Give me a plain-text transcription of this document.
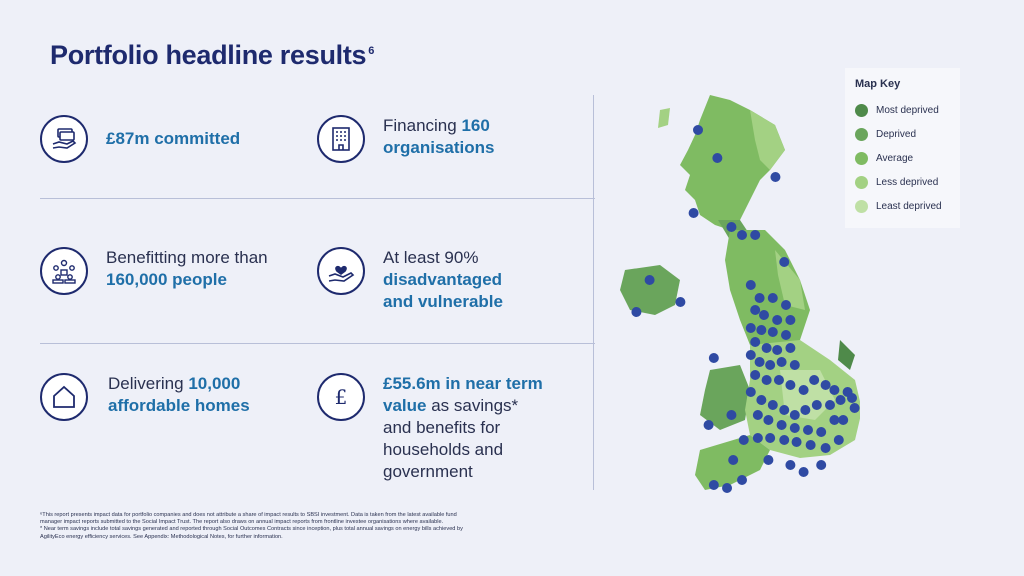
Portfolio headline results $^6$
£87m committed
Financing 160
organisations
Benefitting more than
160,000 people
At least 90%
disadvantaged
and vulnerable
Delivering 10,000
affordable homes	£
£55.6m in near term
value as savings*
and benefits for
households and
government
⁶This report presents impact data for portfolio companies and does not attribute a share of impact results to SBSI investment. Data is taken from the latest available fund
manager impact reports submitted to the Social Impact Trust. The report also draws on annual impact reports from frontline investee organisations where available.
* Near term savings include total savings generated and reported through Social Outcomes Contracts since inception, plus total annual savings on energy bills achieved by
AgilityEco energy efficiency services. See Appendix: Methodological Notes, for further information.
Map Key
Most deprived
Deprived
Average
Less deprived
Least deprived
